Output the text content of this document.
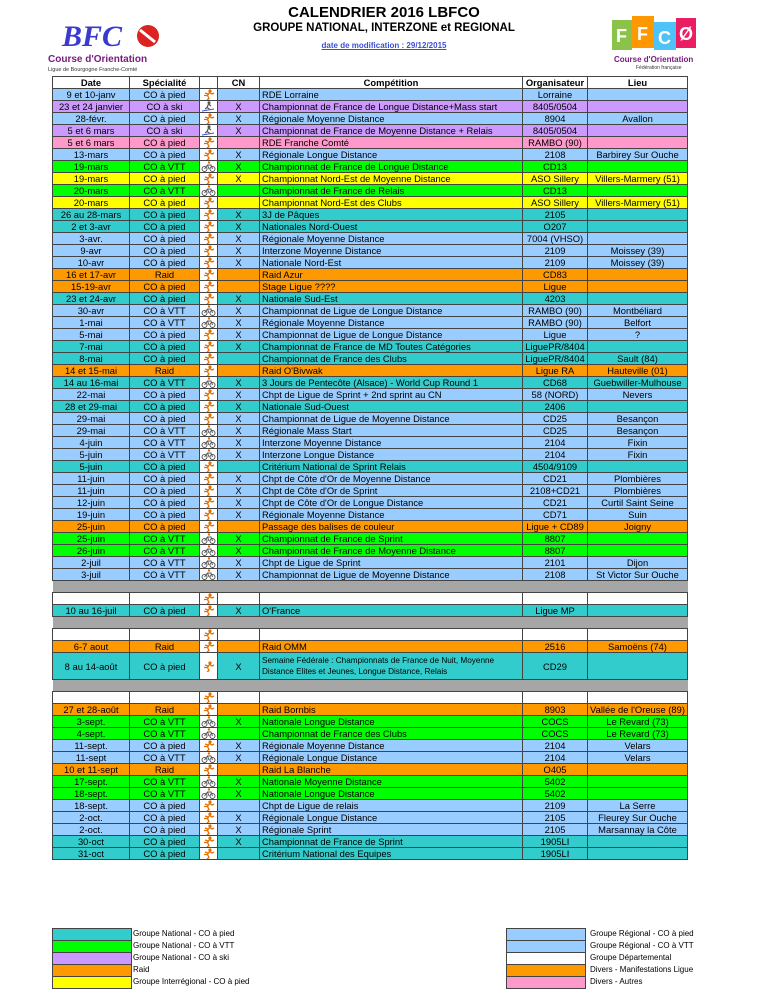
CALENDRIER 2016 LBFCO
GROUPE NATIONAL, INTERZONE et REGIONAL
date de modification : 29/12/2015
BFC
Course d'Orientation
Ligue de Bourgogne Franche-Comté
F F C Ø
Course d'Orientation
Fédération française
Date	Spécialité		CN	Compétition	Organisateur	Lieu
9 et 10-janv	CO à pied			RDE Lorraine	Lorraine	
23 et 24 janvier	CO à ski		X	Championnat de France de Longue Distance+Mass start	8405/0504	
28-févr.	CO à pied		X	Régionale Moyenne Distance	8904	Avallon
5 et 6 mars	CO à ski		X	Championnat de France de Moyenne Distance + Relais	8405/0504	
5 et 6 mars	CO à pied			RDE Franche Comté	RAMBO (90)	
13-mars	CO à pied		X	Régionale Longue Distance	2108	Barbirey Sur Ouche
19-mars	CO à VTT		X	Championnat de France de Longue Distance	CD13	
19-mars	CO à pied		X	Championnat Nord-Est de Moyenne Distance	ASO Sillery	Villers-Marmery (51)
20-mars	CO à VTT			Championnat de France de Relais	CD13	
20-mars	CO à pied			Championnat Nord-Est des Clubs	ASO Sillery	Villers-Marmery (51)
26 au 28-mars	CO à pied		X	3J de Pâques	2105	
2 et 3-avr	CO à pied		X	Nationales Nord-Ouest	O207	
3-avr.	CO à pied		X	Régionale Moyenne Distance	7004 (VHSO)	
9-avr	CO à pied		X	Interzone Moyenne Distance	2109	Moissey (39)
10-avr	CO à pied		X	Nationale Nord-Est	2109	Moissey (39)
16 et 17-avr	Raid			Raid Azur	CD83	
15-19-avr	CO à pied			Stage Ligue ????	Ligue	
23 et 24-avr	CO à pied		X	Nationale Sud-Est	4203	
30-avr	CO à VTT		X	Championnat de Ligue de Longue Distance	RAMBO (90)	Montbéliard
1-mai	CO à VTT		X	Régionale Moyenne Distance	RAMBO (90)	Belfort
5-mai	CO à pied		X	Championnat de Ligue de Longue Distance	Ligue	?
7-mai	CO à pied		X	Championnat de France de MD Toutes Catégories	LiguePR/8404	
8-mai	CO à pied			Championnat de France des Clubs	LiguePR/8404	Sault (84)
14 et 15-mai	Raid			Raid O'Bivwak	Ligue RA	Hauteville (01)
14 au 16-mai	CO à VTT		X	3 Jours de Pentecôte (Alsace) - World Cup Round 1	CD68	Guebwiller-Mulhouse
22-mai	CO à pied		X	Chpt de Ligue de Sprint + 2nd sprint au CN	58 (NORD)	Nevers
28 et 29-mai	CO à pied		X	Nationale Sud-Ouest	2406	
29-mai	CO à pied		X	Championnat de Ligue de Moyenne Distance	CD25	Besançon
29-mai	CO à VTT		X	Régionale Mass Start	CD25	Besançon
4-juin	CO à VTT		X	Interzone Moyenne Distance	2104	Fixin
5-juin	CO à VTT		X	Interzone Longue Distance	2104	Fixin
5-juin	CO à pied			Critérium National de Sprint Relais	4504/9109	
11-juin	CO à pied		X	Chpt de Côte d'Or de Moyenne Distance	CD21	Plombières
11-juin	CO à pied		X	Chpt de Côte d'Or de Sprint	2108+CD21	Plombières
12-juin	CO à pied		X	Chpt de Côte d'Or de Longue Distance	CD21	Curtil Saint Seine
19-juin	CO à pied		X	Régionale Moyenne Distance	CD71	Suin
25-juin	CO à pied			Passage des balises de couleur	Ligue + CD89	Joigny
25-juin	CO à VTT		X	Championnat de France de Sprint	8807	
26-juin	CO à VTT		X	Championnat de France de Moyenne Distance	8807	
2-juil	CO à VTT		X	Chpt de Ligue de Sprint	2101	Dijon
3-juil	CO à VTT		X	Championnat de Ligue de Moyenne Distance	2108	St Victor Sur Ouche

10 au 16-juil	CO à pied		X	O'France	Ligue MP	

6-7 aout	Raid			Raid OMM	2516	Samoëns (74)
8 au 14-août	CO à pied		X	Semaine Fédérale : Championnats de France de Nuit, Moyenne Distance Elites et Jeunes, Longue Distance, Relais	CD29	

27 et 28-août	Raid			Raid Bornbis	8903	Vallée de l'Oreuse (89)
3-sept.	CO à VTT		X	Nationale Longue Distance	COCS	Le Revard (73)
4-sept.	CO à VTT			Championnat de France des Clubs	COCS	Le Revard (73)
11-sept.	CO à pied		X	Régionale Moyenne Distance	2104	Velars
11-sept	CO à VTT		X	Régionale Longue Distance	2104	Velars
10 et 11-sept	Raid			Raid La Blanche	O405	
17-sept.	CO à VTT		X	Nationale Moyenne Distance	5402	
18-sept.	CO à VTT		X	Nationale Longue Distance	5402	
18-sept.	CO à pied			Chpt de Ligue de relais	2109	La Serre
2-oct.	CO à pied		X	Régionale Longue Distance	2105	Fleurey Sur Ouche
2-oct.	CO à pied		X	Régionale Sprint	2105	Marsannay la Côte
30-oct	CO à pied		X	Championnat de France de Sprint	1905LI	
31-oct	CO à pied			Critérium National des Equipes	1905LI	
Groupe National - CO à pied
Groupe National - CO à VTT
Groupe National - CO à ski
Raid
Groupe Interrégional - CO à pied
Groupe Régional - CO à pied
Groupe Régional - CO à VTT
Groupe Départemental
Divers - Manifestations Ligue
Divers - Autres
